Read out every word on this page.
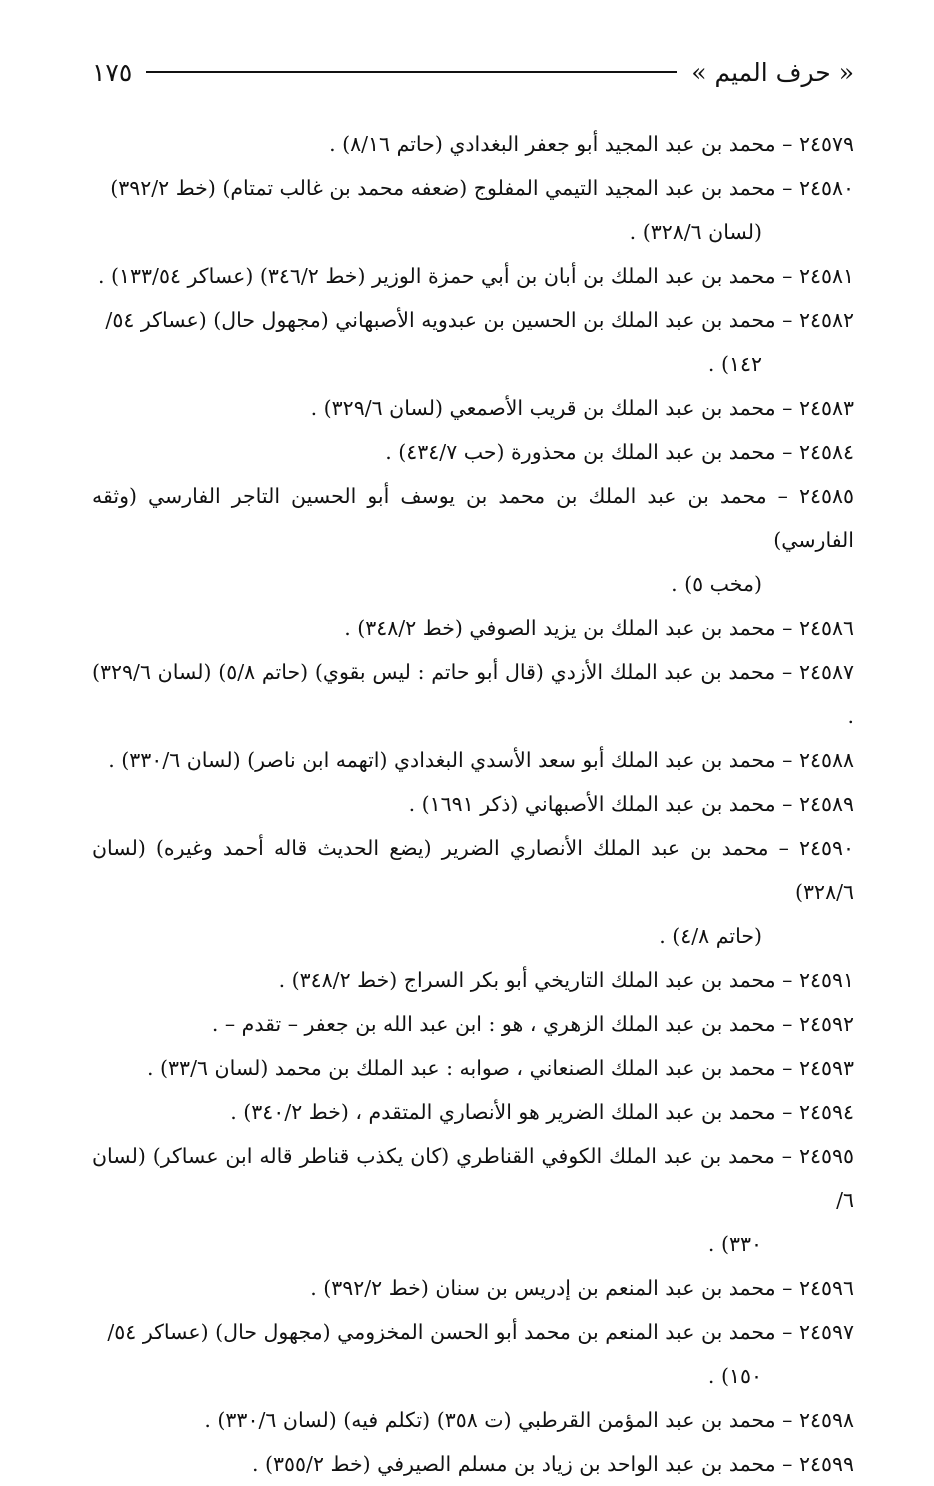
« حرف الميم »
١٧٥

٢٤٥٧٩ – محمد بن عبد المجيد أبو جعفر البغدادي (حاتم ٨/١٦) .

٢٤٥٨٠ – محمد بن عبد المجيد التيمي المفلوج (ضعفه محمد بن غالب تمتام) (خط ٣٩٢/٢)
(لسان ٣٢٨/٦) .

٢٤٥٨١ – محمد بن عبد الملك بن أبان بن أبي حمزة الوزير (خط ٣٤٦/٢) (عساكر ١٣٣/٥٤) .

٢٤٥٨٢ – محمد بن عبد الملك بن الحسين بن عبدويه الأصبهاني (مجهول حال) (عساكر ٥٤/
١٤٢) .

٢٤٥٨٣ – محمد بن عبد الملك بن قريب الأصمعي (لسان ٣٢٩/٦) .

٢٤٥٨٤ – محمد بن عبد الملك بن محذورة (حب ٤٣٤/٧) .

٢٤٥٨٥ – محمد بن عبد الملك بن محمد بن يوسف أبو الحسين التاجر الفارسي (وثقه الفارسي)
(مخب ٥) .

٢٤٥٨٦ – محمد بن عبد الملك بن يزيد الصوفي (خط ٣٤٨/٢) .

٢٤٥٨٧ – محمد بن عبد الملك الأزدي (قال أبو حاتم : ليس بقوي) (حاتم ٥/٨) (لسان ٣٢٩/٦) .

٢٤٥٨٨ – محمد بن عبد الملك أبو سعد الأسدي البغدادي (اتهمه ابن ناصر) (لسان ٣٣٠/٦) .

٢٤٥٨٩ – محمد بن عبد الملك الأصبهاني (ذكر ١٦٩١) .

٢٤٥٩٠ – محمد بن عبد الملك الأنصاري الضرير (يضع الحديث قاله أحمد وغيره) (لسان ٣٢٨/٦)
(حاتم ٤/٨) .

٢٤٥٩١ – محمد بن عبد الملك التاريخي أبو بكر السراج (خط ٣٤٨/٢) .

٢٤٥٩٢ – محمد بن عبد الملك الزهري ، هو : ابن عبد الله بن جعفر – تقدم – .

٢٤٥٩٣ – محمد بن عبد الملك الصنعاني ، صوابه : عبد الملك بن محمد (لسان ٣٣/٦) .

٢٤٥٩٤ – محمد بن عبد الملك الضرير هو الأنصاري المتقدم ، (خط ٣٤٠/٢) .

٢٤٥٩٥ – محمد بن عبد الملك الكوفي القناطري (كان يكذب قناطر قاله ابن عساكر) (لسان ٦/
٣٣٠) .

٢٤٥٩٦ – محمد بن عبد المنعم بن إدريس بن سنان (خط ٣٩٢/٢) .

٢٤٥٩٧ – محمد بن عبد المنعم بن محمد أبو الحسن المخزومي (مجهول حال) (عساكر ٥٤/
١٥٠) .

٢٤٥٩٨ – محمد بن عبد المؤمن القرطبي (ت ٣٥٨) (تكلم فيه) (لسان ٣٣٠/٦) .

٢٤٥٩٩ – محمد بن عبد الواحد بن زياد بن مسلم الصيرفي (خط ٣٥٥/٢) .
